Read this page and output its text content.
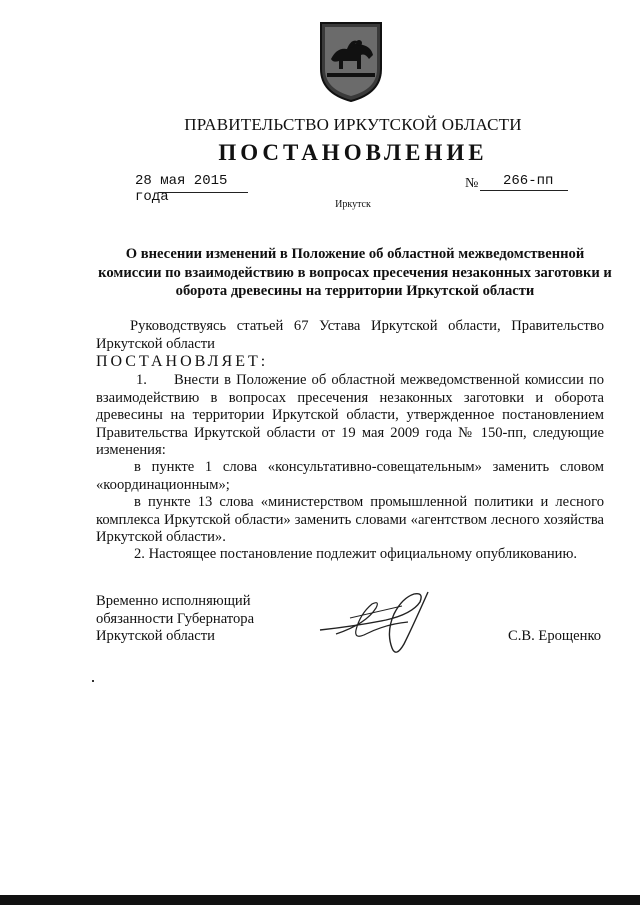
ПРАВИТЕЛЬСТВО ИРКУТСКОЙ ОБЛАСТИ
ПОСТАНОВЛЕНИЕ
28 мая 2015 года
№ 266-пп
Иркутск
О внесении изменений в Положение об областной межведомственной комиссии по взаимодействию в вопросах пресечения незаконных заготовки и оборота древесины на территории Иркутской области
Руководствуясь статьей 67 Устава Иркутской области, Правительство Иркутской области
ПОСТАНОВЛЯЕТ:
1. Внести в Положение об областной межведомственной комиссии по взаимодействию в вопросах пресечения незаконных заготовки и оборота древесины на территории Иркутской области, утвержденное постановлением Правительства Иркутской области от 19 мая 2009 года № 150-пп, следующие изменения:
в пункте 1 слова «консультативно-совещательным» заменить словом «координационным»;
в пункте 13 слова «министерством промышленной политики и лесного комплекса Иркутской области» заменить словами «агентством лесного хозяйства Иркутской области».
2. Настоящее постановление подлежит официальному опубликованию.
Временно исполняющий
обязанности Губернатора
Иркутской области	С.В. Ерощенко
